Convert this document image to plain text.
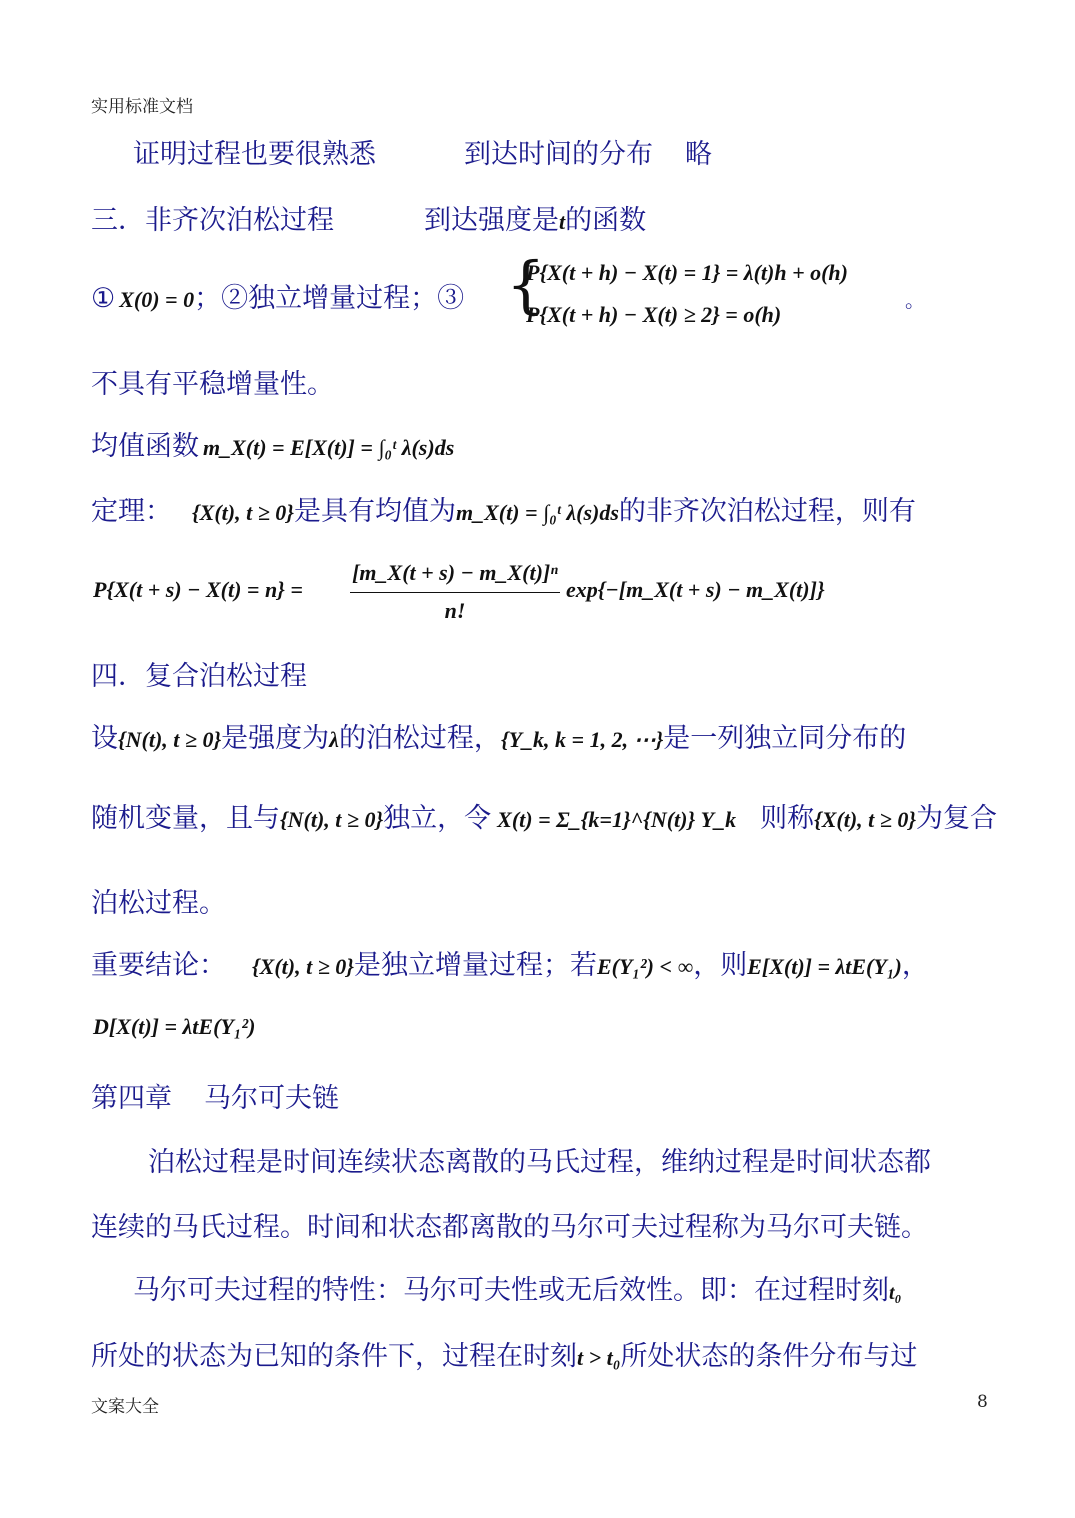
实用标准文档
证明过程也要很熟悉	到达时间的分布 略
三．非齐次泊松过程	到达强度是t的函数
① X(0) = 0；②独立增量过程；③ {
P{X(t + h) − X(t) = 1} = λ(t)h + o(h)
P{X(t + h) − X(t) ≥ 2} = o(h)
。
不具有平稳增量性。
均值函数 m_X(t) = E[X(t)] = ∫₀ᵗ λ(s)ds
定理： {X(t), t ≥ 0}是具有均值为m_X(t) = ∫₀ᵗ λ(s)ds的非齐次泊松过程，则有
P{X(t + s) − X(t) = n} =
[m_X(t + s) − m_X(t)]ⁿ
n!
exp{−[m_X(t + s) − m_X(t)]}
四．复合泊松过程
设{N(t), t ≥ 0}是强度为λ的泊松过程，{Y_k, k = 1, 2, ⋯}是一列独立同分布的
随机变量，且与{N(t), t ≥ 0}独立，令 X(t) = Σ_{k=1}^{N(t)} Y_k 则称{X(t), t ≥ 0}为复合
泊松过程。
重要结论： {X(t), t ≥ 0}是独立增量过程；若E(Y₁²) < ∞，则E[X(t)] = λtE(Y₁)，
D[X(t)] = λtE(Y₁²)
第四章 马尔可夫链
泊松过程是时间连续状态离散的马氏过程，维纳过程是时间状态都
连续的马氏过程。时间和状态都离散的马尔可夫过程称为马尔可夫链。
马尔可夫过程的特性：马尔可夫性或无后效性。即：在过程时刻t₀
所处的状态为已知的条件下，过程在时刻t > t₀所处状态的条件分布与过
文案大全	8
